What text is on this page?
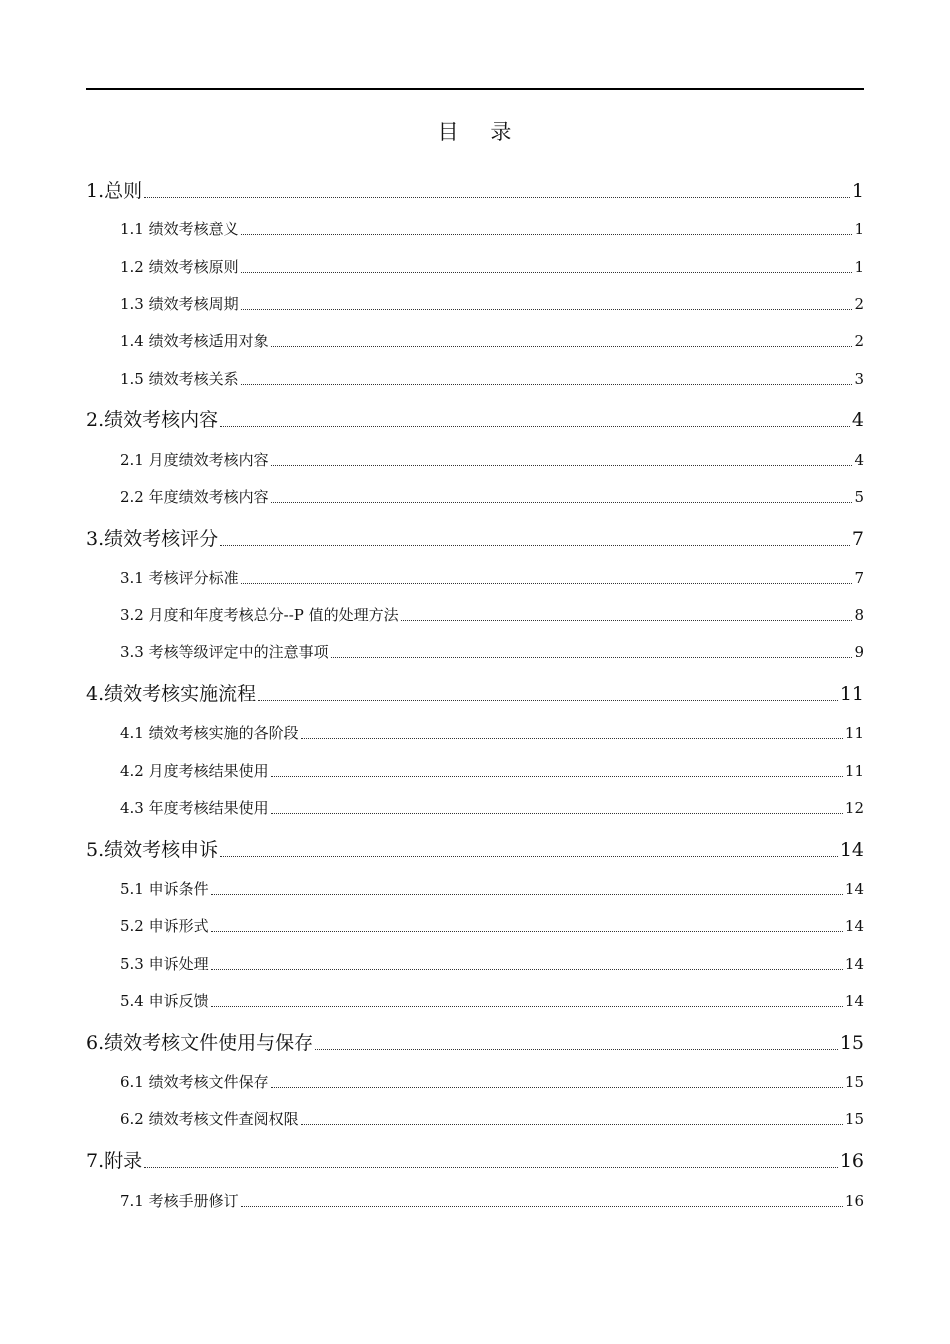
目    录
1.总则	1
1.1 绩效考核意义	1
1.2 绩效考核原则	1
1.3 绩效考核周期	2
1.4 绩效考核适用对象	2
1.5 绩效考核关系	3
2.绩效考核内容	4
2.1 月度绩效考核内容	4
2.2 年度绩效考核内容	5
3.绩效考核评分	7
3.1 考核评分标准	7
3.2 月度和年度考核总分--P 值的处理方法	8
3.3 考核等级评定中的注意事项	9
4.绩效考核实施流程	11
4.1 绩效考核实施的各阶段	11
4.2 月度考核结果使用	11
4.3 年度考核结果使用	12
5.绩效考核申诉	14
5.1 申诉条件	14
5.2 申诉形式	14
5.3 申诉处理	14
5.4 申诉反馈	14
6.绩效考核文件使用与保存	15
6.1 绩效考核文件保存	15
6.2 绩效考核文件查阅权限	15
7.附录	16
7.1 考核手册修订	16
